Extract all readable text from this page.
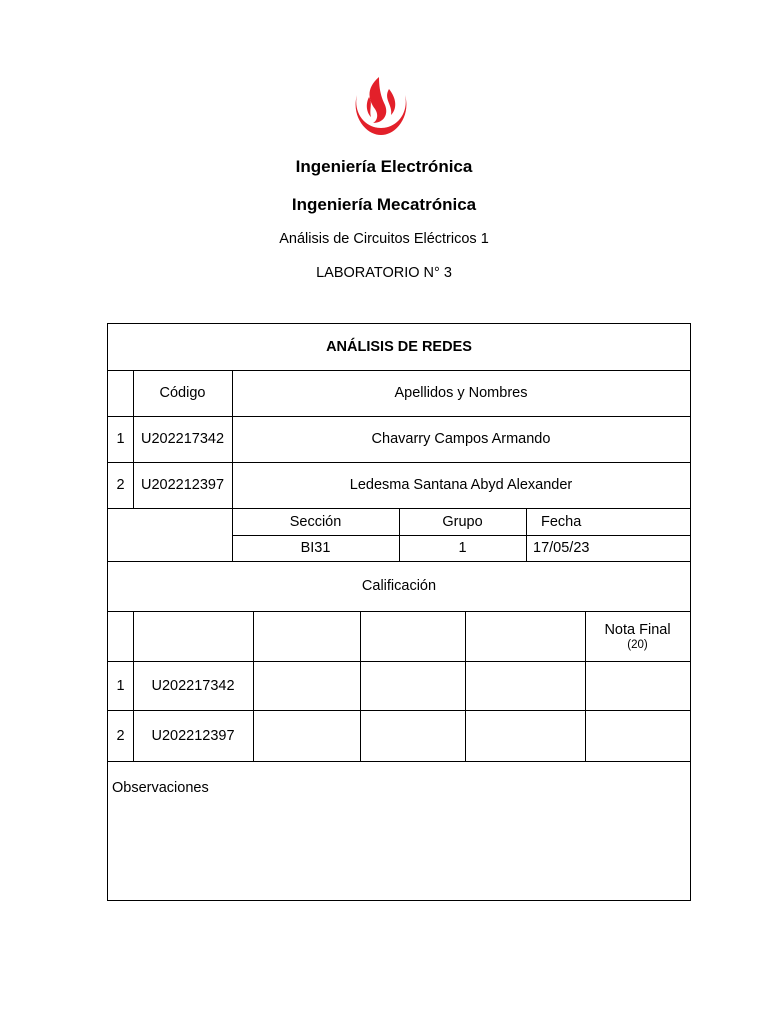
Ingeniería Electrónica
Ingeniería Mecatrónica
Análisis de Circuitos Eléctricos 1
LABORATORIO N° 3
ANÁLISIS DE REDES
Código	Apellidos y Nombres
1	U202217342	Chavarry Campos Armando
2	U202212397	Ledesma Santana Abyd Alexander
Sección	Grupo	Fecha
BI31	1	17/05/23
Calificación
Nota Final
(20)
1	U202217342
2	U202212397
Observaciones
